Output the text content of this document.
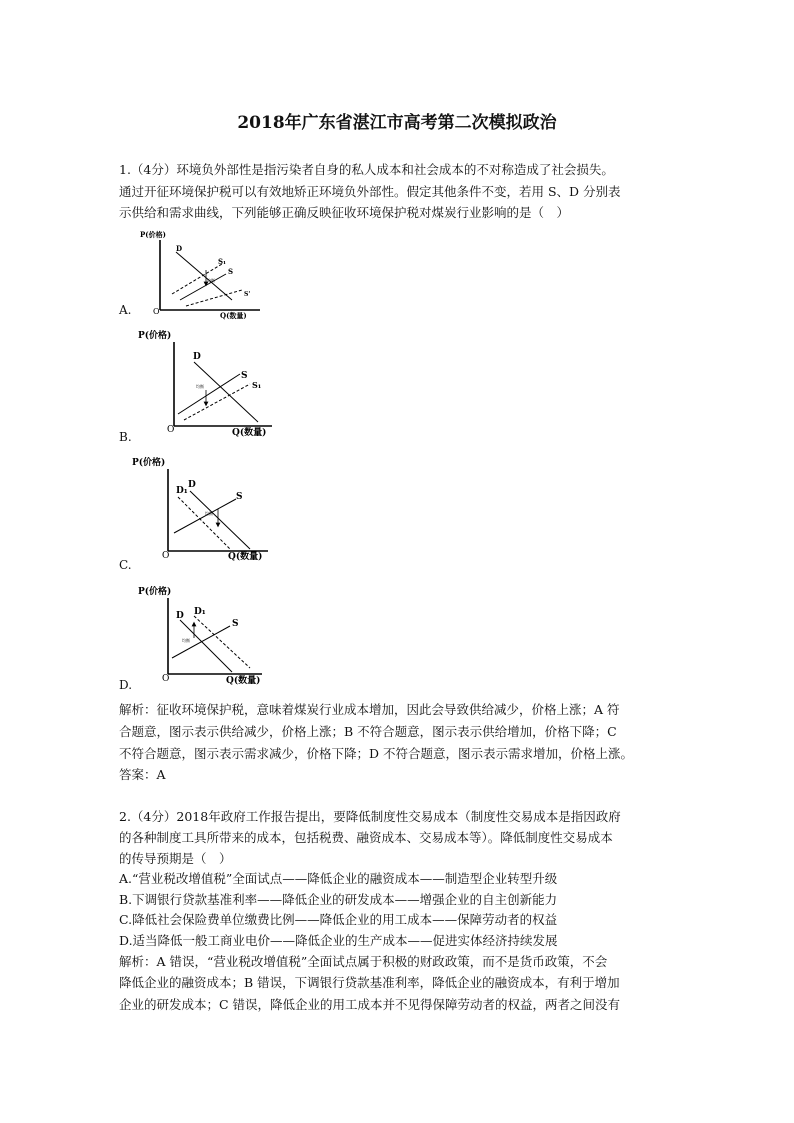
2018年广东省湛江市高考第二次模拟政治
1.（4分）环境负外部性是指污染者自身的私人成本和社会成本的不对称造成了社会损失。
通过开征环境保护税可以有效地矫正环境负外部性。假定其他条件不变，若用 S、D 分别表
示供给和需求曲线，下列能够正确反映征收环境保护税对煤炭行业影响的是（　）
P(价格)
Q(数量)
O
D
S₁
S
S'
均衡
A.
P(价格)
Q(数量)
O
D
S
S₁
均衡
B.
P(价格)
Q(数量)
O
D₁
D
S
均衡
C.
P(价格)
Q(数量)
O
D D₁
S
均衡
D.
解析：征收环境保护税，意味着煤炭行业成本增加，因此会导致供给减少，价格上涨；A 符
合题意，图示表示供给减少，价格上涨；B 不符合题意，图示表示供给增加，价格下降；C
不符合题意，图示表示需求减少，价格下降；D 不符合题意，图示表示需求增加，价格上涨。
答案：A
2.（4分）2018年政府工作报告提出，要降低制度性交易成本（制度性交易成本是指因政府
的各种制度工具所带来的成本，包括税费、融资成本、交易成本等）。降低制度性交易成本
的传导预期是（　）
A.“营业税改增值税”全面试点——降低企业的融资成本——制造型企业转型升级
B.下调银行贷款基准利率——降低企业的研发成本——增强企业的自主创新能力
C.降低社会保险费单位缴费比例——降低企业的用工成本——保障劳动者的权益
D.适当降低一般工商业电价——降低企业的生产成本——促进实体经济持续发展
解析：A 错误，“营业税改增值税”全面试点属于积极的财政政策，而不是货币政策，不会
降低企业的融资成本；B 错误，下调银行贷款基准利率，降低企业的融资成本，有利于增加
企业的研发成本；C 错误，降低企业的用工成本并不见得保障劳动者的权益，两者之间没有
